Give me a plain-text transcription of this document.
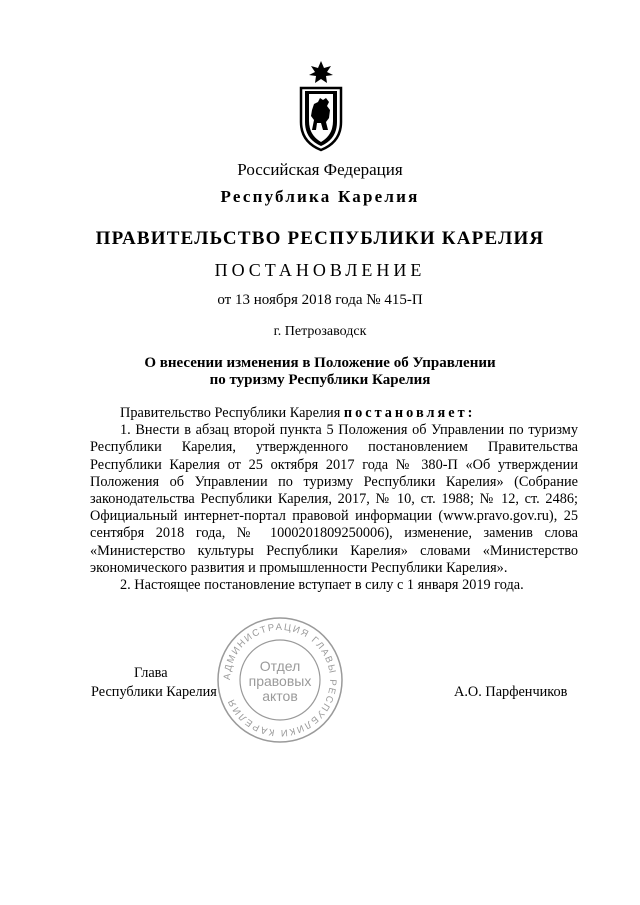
Российская Федерация
Республика Карелия
ПРАВИТЕЛЬСТВО РЕСПУБЛИКИ КАРЕЛИЯ
ПОСТАНОВЛЕНИЕ
от 13 ноября 2018 года № 415-П
г. Петрозаводск
О внесении изменения в Положение об Управлении
по туризму Республики Карелия

Правительство Республики Карелия постановляет:

1. Внести в абзац второй пункта 5 Положения об Управлении по туризму Республики Карелия, утвержденного постановлением Правительства Республики Карелия от 25 октября 2017 года № 380-П «Об утверждении Положения об Управлении по туризму Республики Карелия» (Собрание законодательства Республики Карелия, 2017, № 10, ст. 1988; № 12, ст. 2486; Официальный интернет-портал правовой информации (www.pravo.gov.ru), 25 сентября 2018 года, № 1000201809250006), изменение, заменив слова «Министерство культуры Республики Карелия» словами «Министерство экономического развития и промышленности Республики Карелия».

2. Настоящее постановление вступает в силу с 1 января 2019 года.

Глава
Республики Карелия	А.О. Парфенчиков
АДМИНИСТРАЦИЯ ГЛАВЫ РЕСПУБЛИКИ КАРЕЛИЯ
Отдел
правовых
актов
